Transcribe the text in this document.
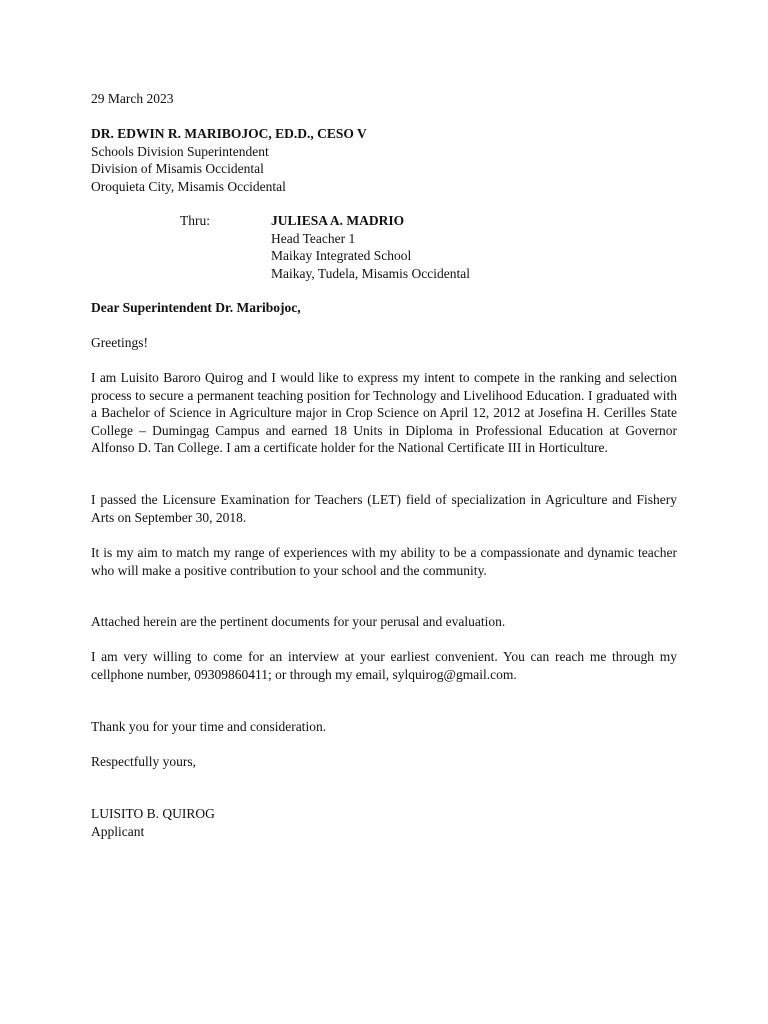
29 March 2023
DR. EDWIN R. MARIBOJOC, ED.D., CESO V
Schools Division Superintendent
Division of Misamis Occidental
Oroquieta City, Misamis Occidental
Thru:	JULIESA A. MADRIO
Head Teacher 1
Maikay Integrated School
Maikay, Tudela, Misamis Occidental
Dear Superintendent Dr. Maribojoc,
Greetings!
I am Luisito Baroro Quirog and I would like to express my intent to compete in the ranking and selection process to secure a permanent teaching position for Technology and Livelihood Education. I graduated with a Bachelor of Science in Agriculture major in Crop Science on April 12, 2012 at Josefina H. Cerilles State College – Dumingag Campus and earned 18 Units in Diploma in Professional Education at Governor Alfonso D. Tan College. I am a certificate holder for the National Certificate III in Horticulture.
I passed the Licensure Examination for Teachers (LET) field of specialization in Agriculture and Fishery Arts on September 30, 2018.
It is my aim to match my range of experiences with my ability to be a compassionate and dynamic teacher who will make a positive contribution to your school and the community.
Attached herein are the pertinent documents for your perusal and evaluation.
I am very willing to come for an interview at your earliest convenient. You can reach me through my cellphone number, 09309860411; or through my email, sylquirog@gmail.com.
Thank you for your time and consideration.
Respectfully yours,
LUISITO B. QUIROG
Applicant
